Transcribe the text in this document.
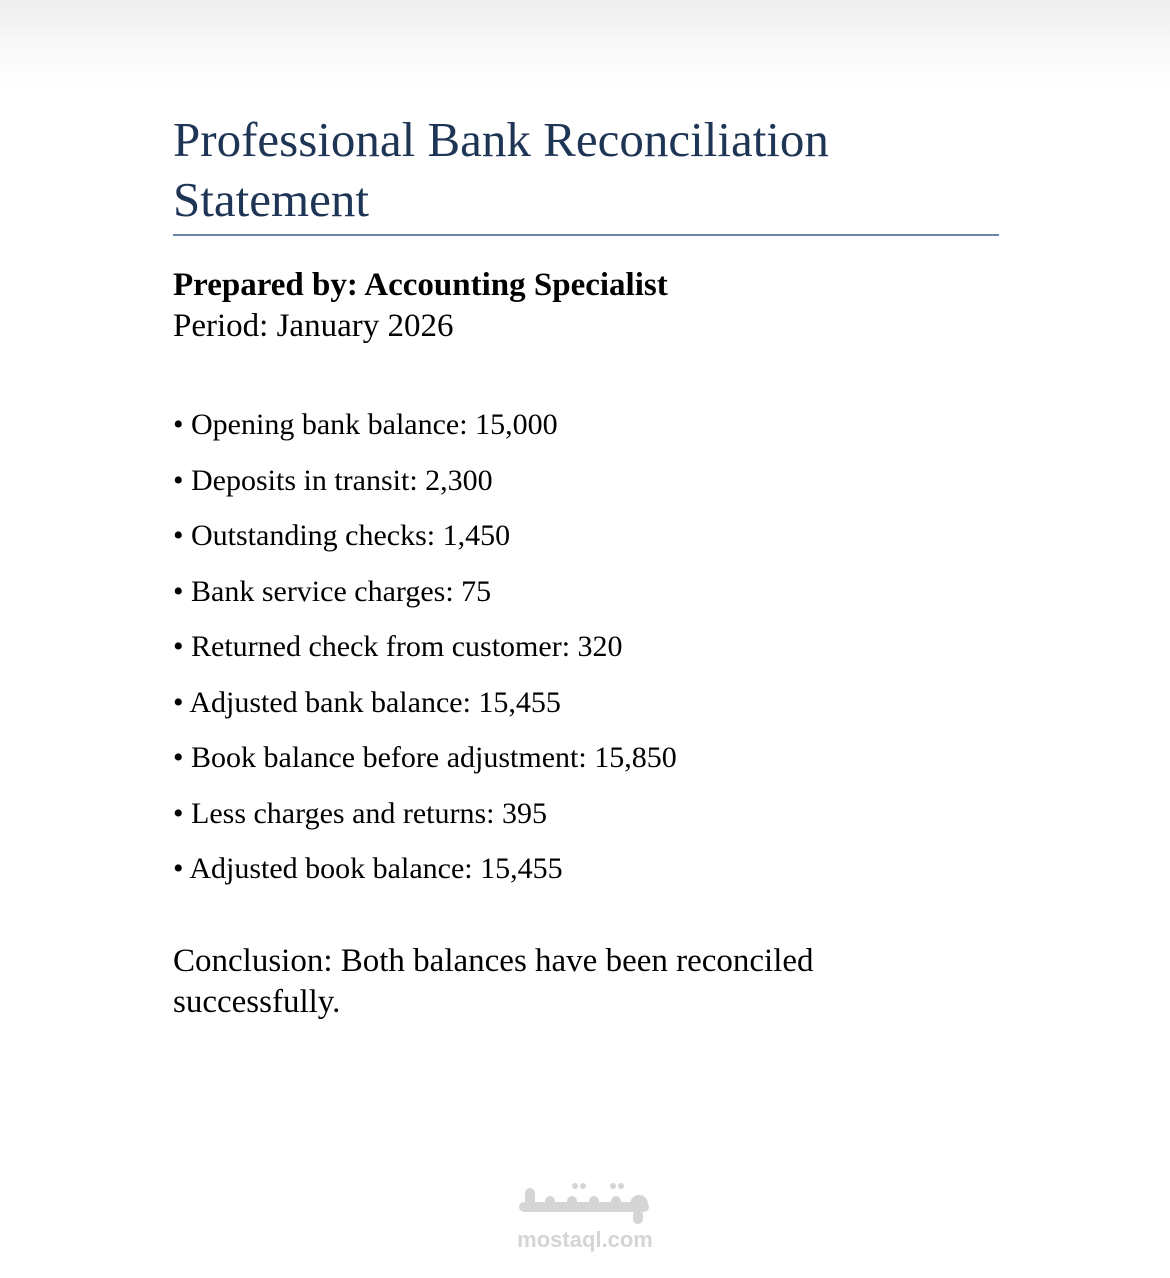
Professional Bank Reconciliation Statement
Prepared by: Accounting Specialist
Period: January 2026
• Opening bank balance: 15,000
• Deposits in transit: 2,300
• Outstanding checks: 1,450
• Bank service charges: 75
• Returned check from customer: 320
• Adjusted bank balance: 15,455
• Book balance before adjustment: 15,850
• Less charges and returns: 395
• Adjusted book balance: 15,455
Conclusion: Both balances have been reconciled successfully.
mostaql.com
